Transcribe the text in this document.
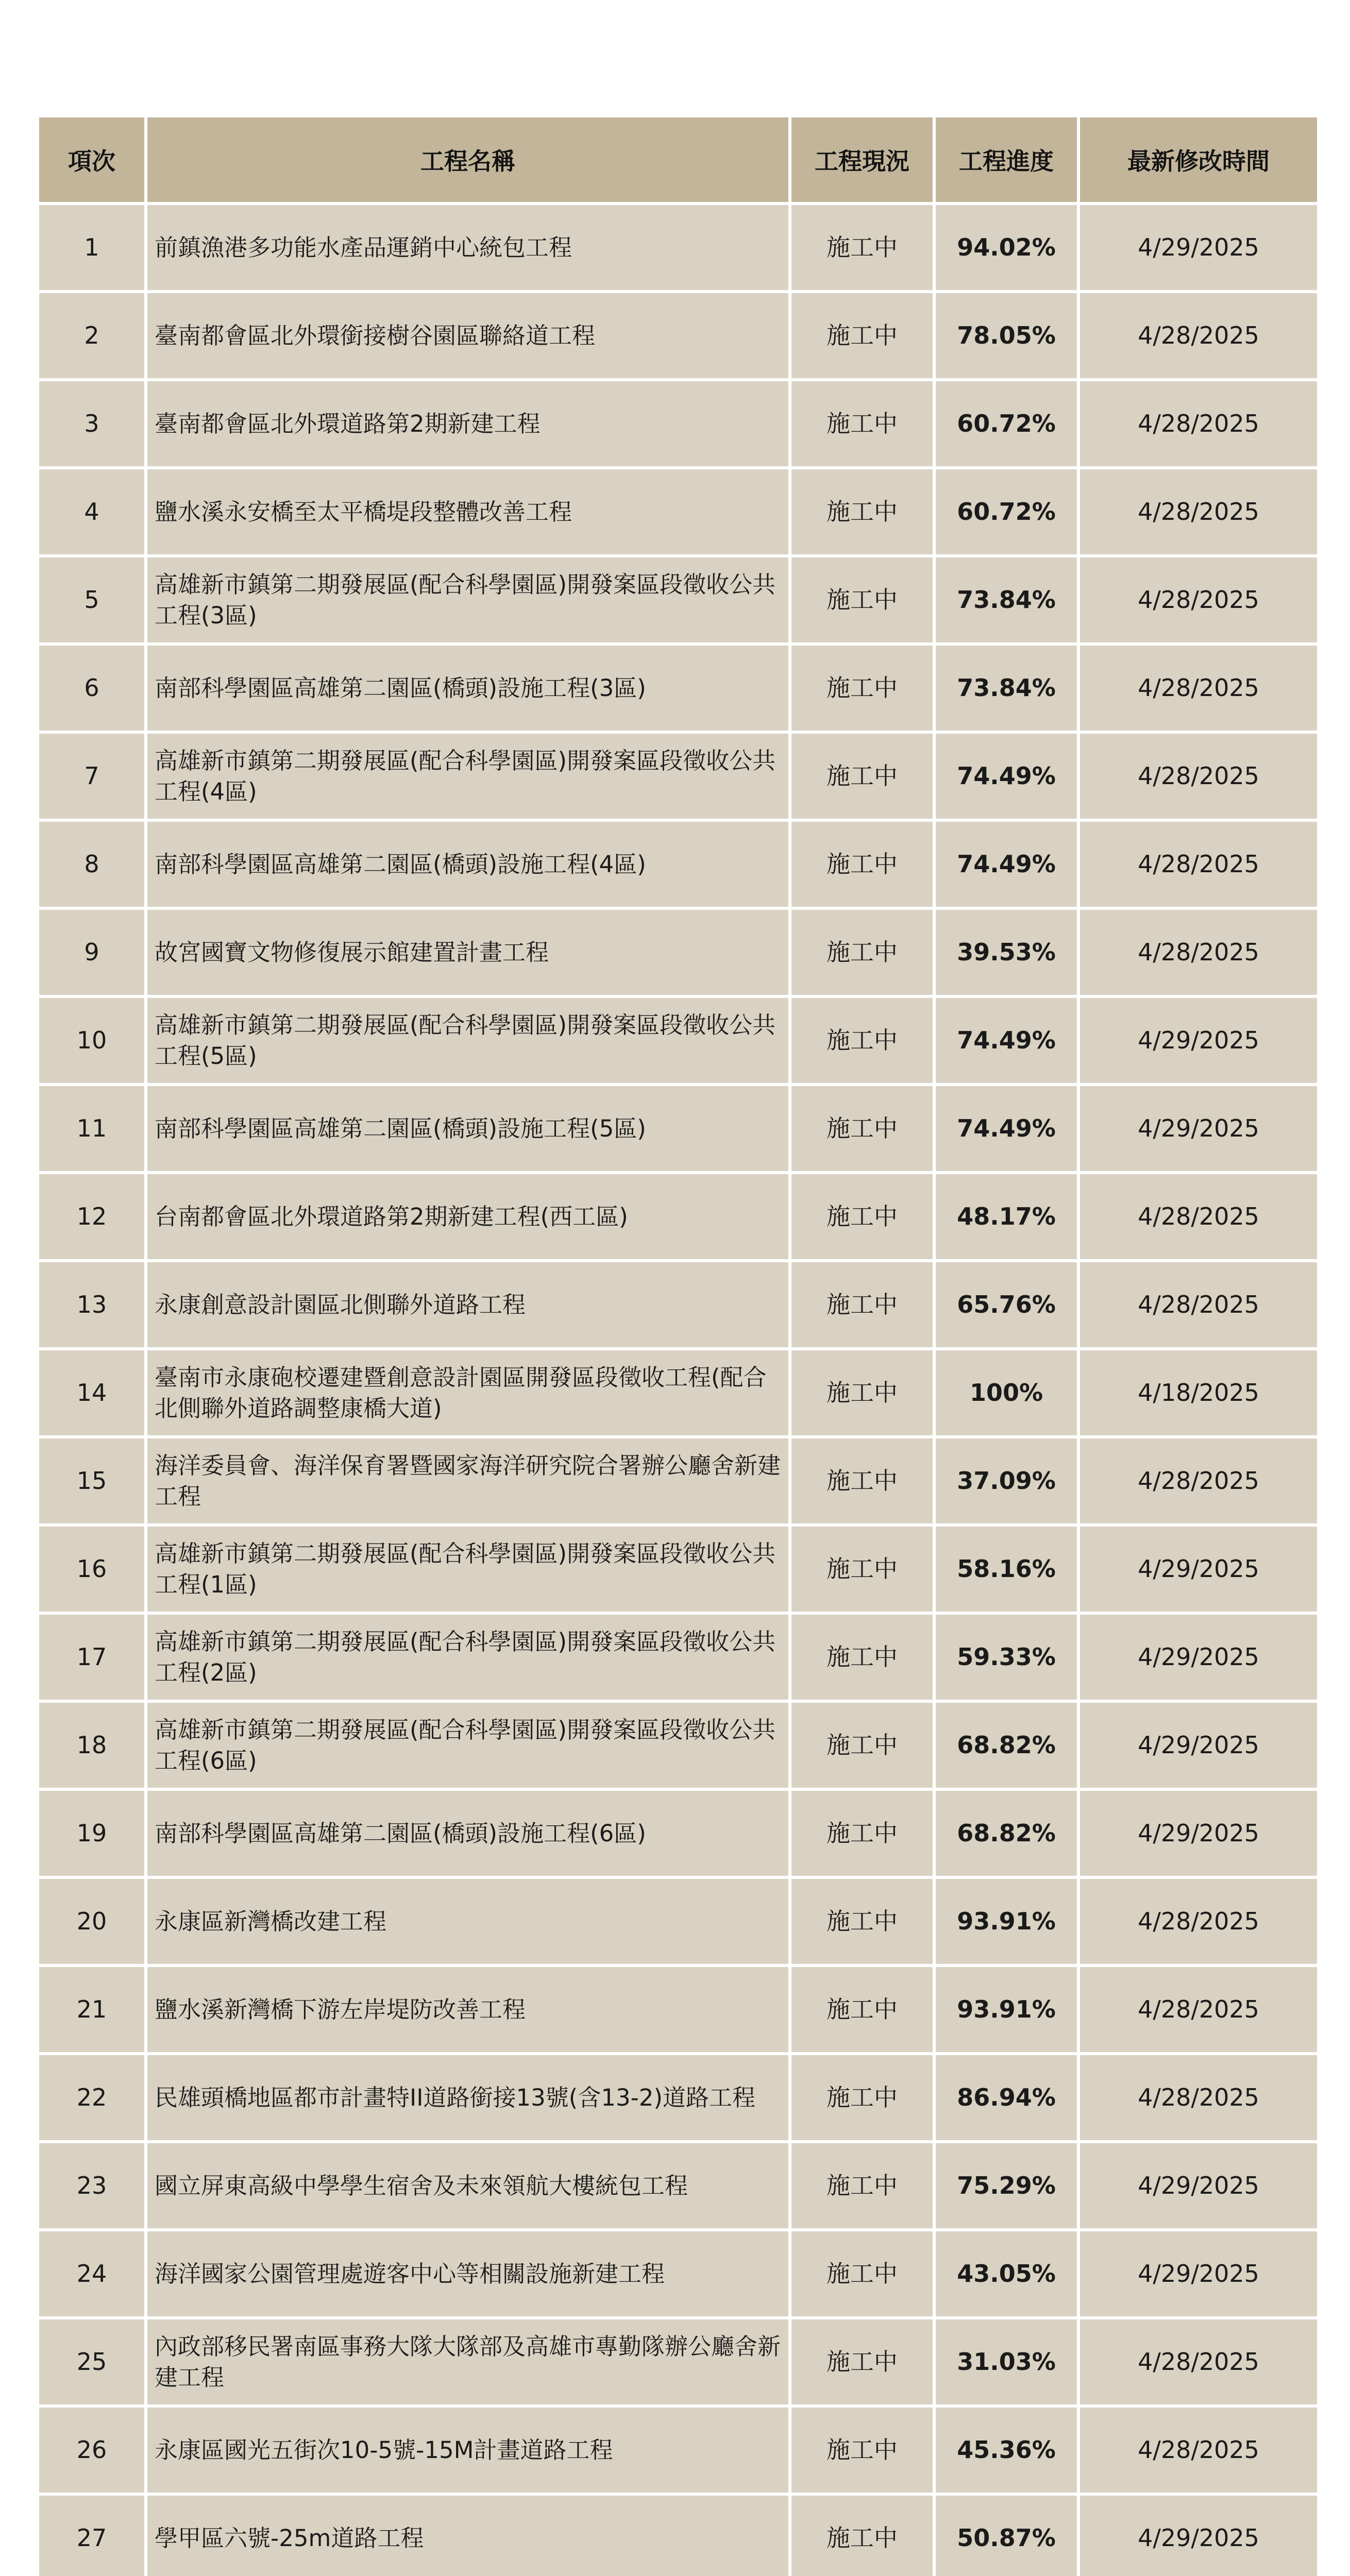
項次	工程名稱	工程現況	工程進度	最新修改時間
1	前鎮漁港多功能水產品運銷中心統包工程	施工中	94.02%	4/29/2025
2	臺南都會區北外環銜接樹谷園區聯絡道工程	施工中	78.05%	4/28/2025
3	臺南都會區北外環道路第2期新建工程	施工中	60.72%	4/28/2025
4	鹽水溪永安橋至太平橋堤段整體改善工程	施工中	60.72%	4/28/2025
5	高雄新市鎮第二期發展區(配合科學園區)開發案區段徵收公共工程(3區)	施工中	73.84%	4/28/2025
6	南部科學園區高雄第二園區(橋頭)設施工程(3區)	施工中	73.84%	4/28/2025
7	高雄新市鎮第二期發展區(配合科學園區)開發案區段徵收公共工程(4區)	施工中	74.49%	4/28/2025
8	南部科學園區高雄第二園區(橋頭)設施工程(4區)	施工中	74.49%	4/28/2025
9	故宮國寶文物修復展示館建置計畫工程	施工中	39.53%	4/28/2025
10	高雄新市鎮第二期發展區(配合科學園區)開發案區段徵收公共工程(5區)	施工中	74.49%	4/29/2025
11	南部科學園區高雄第二園區(橋頭)設施工程(5區)	施工中	74.49%	4/29/2025
12	台南都會區北外環道路第2期新建工程(西工區)	施工中	48.17%	4/28/2025
13	永康創意設計園區北側聯外道路工程	施工中	65.76%	4/28/2025
14	臺南市永康砲校遷建暨創意設計園區開發區段徵收工程(配合北側聯外道路調整康橋大道)	施工中	100%	4/18/2025
15	海洋委員會、海洋保育署暨國家海洋研究院合署辦公廳舍新建工程	施工中	37.09%	4/28/2025
16	高雄新市鎮第二期發展區(配合科學園區)開發案區段徵收公共工程(1區)	施工中	58.16%	4/29/2025
17	高雄新市鎮第二期發展區(配合科學園區)開發案區段徵收公共工程(2區)	施工中	59.33%	4/29/2025
18	高雄新市鎮第二期發展區(配合科學園區)開發案區段徵收公共工程(6區)	施工中	68.82%	4/29/2025
19	南部科學園區高雄第二園區(橋頭)設施工程(6區)	施工中	68.82%	4/29/2025
20	永康區新灣橋改建工程	施工中	93.91%	4/28/2025
21	鹽水溪新灣橋下游左岸堤防改善工程	施工中	93.91%	4/28/2025
22	民雄頭橋地區都市計畫特II道路銜接13號(含13-2)道路工程	施工中	86.94%	4/28/2025
23	國立屏東高級中學學生宿舍及未來領航大樓統包工程	施工中	75.29%	4/29/2025
24	海洋國家公園管理處遊客中心等相關設施新建工程	施工中	43.05%	4/29/2025
25	內政部移民署南區事務大隊大隊部及高雄市專勤隊辦公廳舍新建工程	施工中	31.03%	4/28/2025
26	永康區國光五街次10-5號-15M計畫道路工程	施工中	45.36%	4/28/2025
27	學甲區六號-25m道路工程	施工中	50.87%	4/29/2025
